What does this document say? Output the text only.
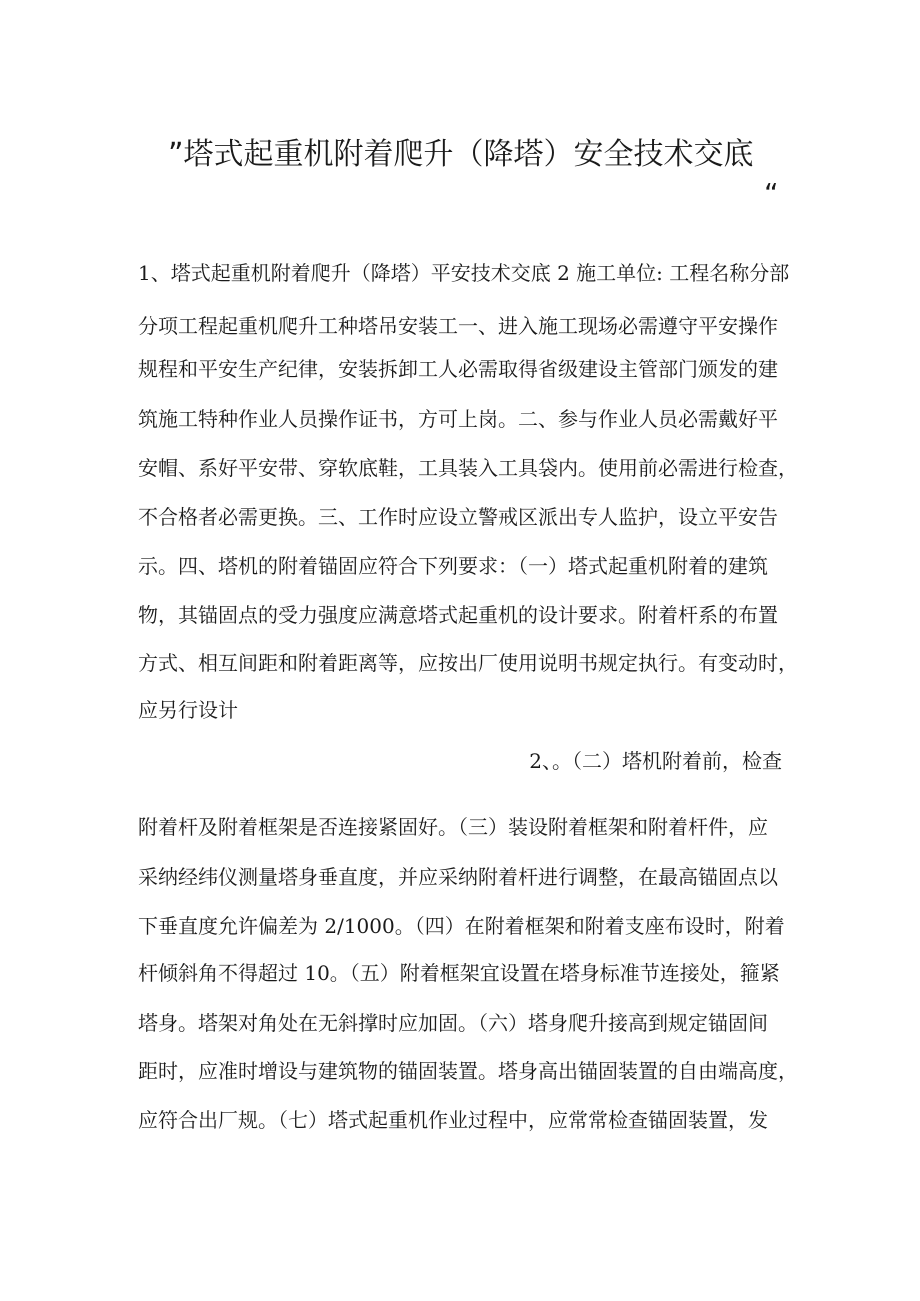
”塔式起重机附着爬升（降塔）安全技术交底
“
1、塔式起重机附着爬升（降塔）平安技术交底 2 施工单位: 工程名称分部
分项工程起重机爬升工种塔吊安装工一、进入施工现场必需遵守平安操作
规程和平安生产纪律，安装拆卸工人必需取得省级建设主管部门颁发的建
筑施工特种作业人员操作证书，方可上岗。二、参与作业人员必需戴好平
安帽、系好平安带、穿软底鞋，工具装入工具袋内。使用前必需进行检查，
不合格者必需更换。三、工作时应设立警戒区派出专人监护，设立平安告
示。四、塔机的附着锚固应符合下列要求：（一）塔式起重机附着的建筑
物，其锚固点的受力强度应满意塔式起重机的设计要求。附着杆系的布置
方式、相互间距和附着距离等，应按出厂使用说明书规定执行。有变动时，
应另行设计
2、。（二）塔机附着前，检查
附着杆及附着框架是否连接紧固好。（三）装设附着框架和附着杆件，应
采纳经纬仪测量塔身垂直度，并应采纳附着杆进行调整，在最高锚固点以
下垂直度允许偏差为 2/1000。（四）在附着框架和附着支座布设时，附着
杆倾斜角不得超过 10。（五）附着框架宜设置在塔身标准节连接处，箍紧
塔身。塔架对角处在无斜撑时应加固。（六）塔身爬升接高到规定锚固间
距时，应准时增设与建筑物的锚固装置。塔身高出锚固装置的自由端高度，
应符合出厂规。（七）塔式起重机作业过程中，应常常检查锚固装置，发
